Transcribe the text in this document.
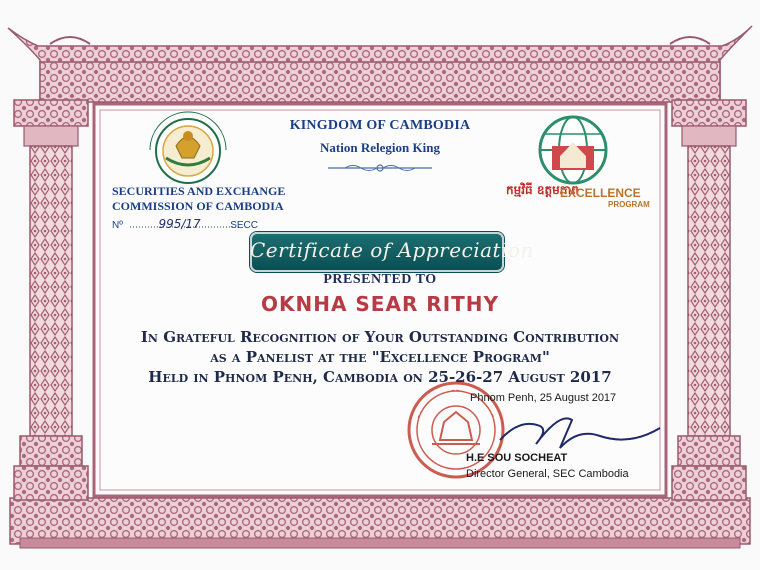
KINGDOM OF CAMBODIA

Nation Relegion King

SECURITIES AND EXCHANGE
COMMISSION OF CAMBODIA
Nº	995/17	SECC
កម្មវិធី ឧត្តមភាព
EXCELLENCE
PROGRAM
Certificate of Appreciation

PRESENTED TO

OKNHA SEAR RITHY

In Grateful Recognition of Your Outstanding Contribution

as a Panelist at the "Excellence Program"

Held in Phnom Penh, Cambodia on 25-26-27 August 2017

Phnom Penh, 25 August 2017

H.E SOU SOCHEAT

Director General, SEC Cambodia
